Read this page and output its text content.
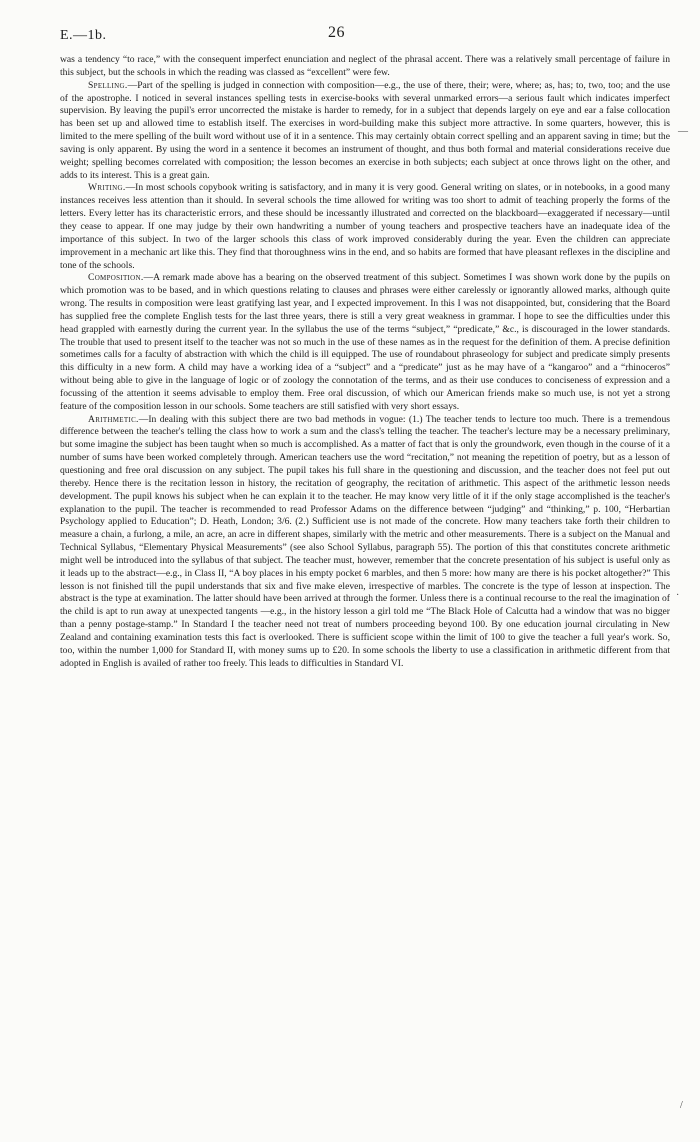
E.—1b.	26

was a tendency “to race,” with the consequent imperfect enunciation and neglect of the phrasal accent. There was a relatively small percentage of failure in this subject, but the schools in which the reading was classed as “excellent” were few.

Spelling.—Part of the spelling is judged in connection with composition—e.g., the use of there, their; were, where; as, has; to, two, too; and the use of the apostrophe. I noticed in several instances spelling tests in exercise-books with several unmarked errors—a serious fault which indicates imperfect supervision. By leaving the pupil's error uncorrected the mistake is harder to remedy, for in a subject that depends largely on eye and ear a false collocation has been set up and allowed time to establish itself. The exercises in word-building make this subject more attractive. In some quarters, however, this is limited to the mere spelling of the built word without use of it in a sentence. This may certainly obtain correct spelling and an apparent saving in time; but the saving is only apparent. By using the word in a sentence it becomes an instrument of thought, and thus both formal and material considerations receive due weight; spelling becomes correlated with composition; the lesson becomes an exercise in both subjects; each subject at once throws light on the other, and adds to its interest. This is a great gain.

Writing.—In most schools copybook writing is satisfactory, and in many it is very good. General writing on slates, or in notebooks, in a good many instances receives less attention than it should. In several schools the time allowed for writing was too short to admit of teaching properly the forms of the letters. Every letter has its characteristic errors, and these should be incessantly illustrated and corrected on the blackboard—exaggerated if necessary—until they cease to appear. If one may judge by their own handwriting a number of young teachers and prospective teachers have an inadequate idea of the importance of this subject. In two of the larger schools this class of work improved considerably during the year. Even the children can appreciate improvement in a mechanic art like this. They find that thoroughness wins in the end, and so habits are formed that have pleasant reflexes in the discipline and tone of the schools.

Composition.—A remark made above has a bearing on the observed treatment of this subject. Sometimes I was shown work done by the pupils on which promotion was to be based, and in which questions relating to clauses and phrases were either carelessly or ignorantly allowed marks, although quite wrong. The results in composition were least gratifying last year, and I expected improvement. In this I was not disappointed, but, considering that the Board has supplied free the complete English tests for the last three years, there is still a very great weakness in grammar. I hope to see the difficulties under this head grappled with earnestly during the current year. In the syllabus the use of the terms “subject,” “predicate,” &c., is discouraged in the lower standards. The trouble that used to present itself to the teacher was not so much in the use of these names as in the request for the definition of them. A precise definition sometimes calls for a faculty of abstraction with which the child is ill equipped. The use of roundabout phraseology for subject and predicate simply presents this difficulty in a new form. A child may have a working idea of a “subject” and a “predicate” just as he may have of a “kangaroo” and a “rhinoceros” without being able to give in the language of logic or of zoology the connotation of the terms, and as their use conduces to conciseness of expression and a focussing of the attention it seems advisable to employ them. Free oral discussion, of which our American friends make so much use, is not yet a strong feature of the composition lesson in our schools. Some teachers are still satisfied with very short essays.

Arithmetic.—In dealing with this subject there are two bad methods in vogue: (1.) The teacher tends to lecture too much. There is a tremendous difference between the teacher's telling the class how to work a sum and the class's telling the teacher. The teacher's lecture may be a necessary preliminary, but some imagine the subject has been taught when so much is accomplished. As a matter of fact that is only the groundwork, even though in the course of it a number of sums have been worked completely through. American teachers use the word “recitation,” not meaning the repetition of poetry, but as a lesson of questioning and free oral discussion on any subject. The pupil takes his full share in the questioning and discussion, and the teacher does not feel put out thereby. Hence there is the recitation lesson in history, the recitation of geography, the recitation of arithmetic. This aspect of the arithmetic lesson needs development. The pupil knows his subject when he can explain it to the teacher. He may know very little of it if the only stage accomplished is the teacher's explanation to the pupil. The teacher is recommended to read Professor Adams on the difference between “judging” and “thinking,” p. 100, “Herbartian Psychology applied to Education”; D. Heath, London; 3/6. (2.) Sufficient use is not made of the concrete. How many teachers take forth their children to measure a chain, a furlong, a mile, an acre, an acre in different shapes, similarly with the metric and other measurements. There is a subject on the Manual and Technical Syllabus, “Elementary Physical Measurements” (see also School Syllabus, paragraph 55). The portion of this that constitutes concrete arithmetic might well be introduced into the syllabus of that subject. The teacher must, however, remember that the concrete presentation of his subject is useful only as it leads up to the abstract—e.g., in Class II, “A boy places in his empty pocket 6 marbles, and then 5 more: how many are there is his pocket altogether?” This lesson is not finished till the pupil understands that six and five make eleven, irrespective of marbles. The concrete is the type of lesson at inspection. The abstract is the type at examination. The latter should have been arrived at through the former. Unless there is a continual recourse to the real the imagination of the child is apt to run away at unexpected tangents —e.g., in the history lesson a girl told me “The Black Hole of Calcutta had a window that was no bigger than a penny postage-stamp.” In Standard I the teacher need not treat of numbers proceeding beyond 100. By one education journal circulating in New Zealand and containing examination tests this fact is overlooked. There is sufficient scope within the limit of 100 to give the teacher a full year's work. So, too, within the number 1,000 for Standard II, with money sums up to £20. In some schools the liberty to use a classification in arithmetic different from that adopted in English is availed of rather too freely. This leads to difficulties in Standard VI.

—
·
/
